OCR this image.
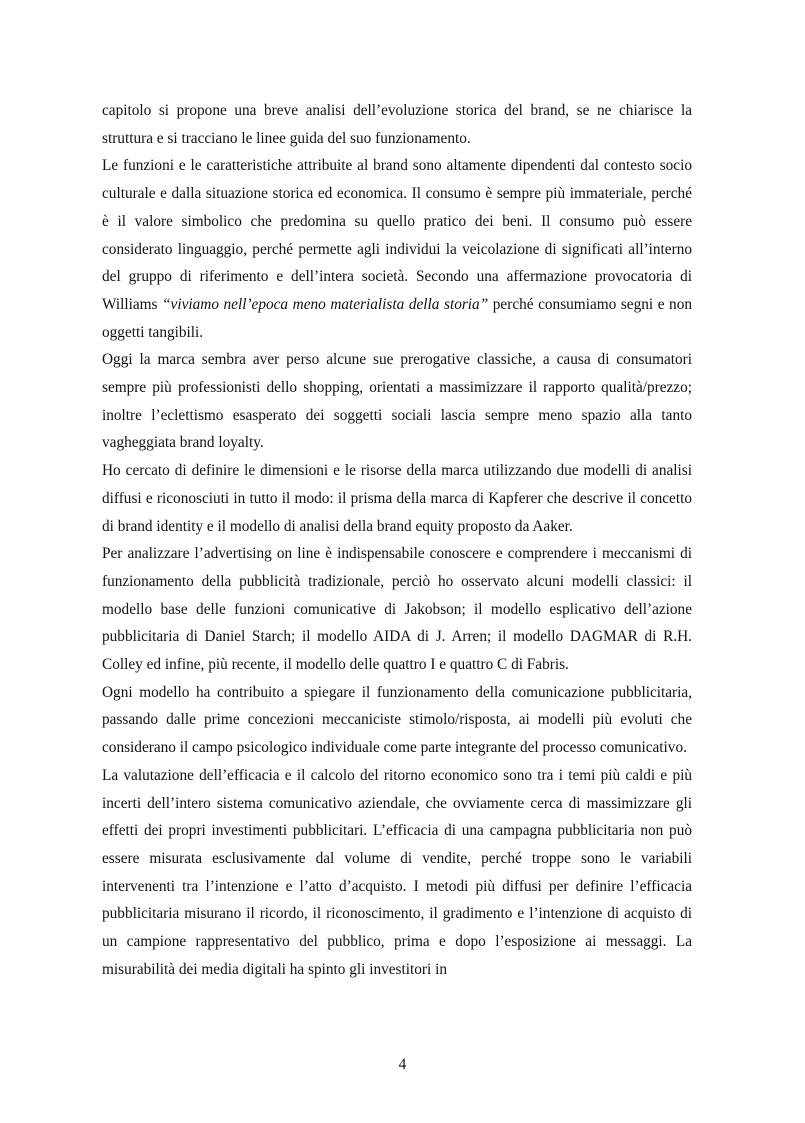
capitolo si propone una breve analisi dell’evoluzione storica del brand, se ne chiarisce la struttura e si tracciano le linee guida del suo funzionamento.

Le funzioni e le caratteristiche attribuite al brand sono altamente dipendenti dal contesto socio culturale e dalla situazione storica ed economica. Il consumo è sempre più immateriale, perché è il valore simbolico che predomina su quello pratico dei beni. Il consumo può essere considerato linguaggio, perché permette agli individui la veicolazione di significati all’interno del gruppo di riferimento e dell’intera società. Secondo una affermazione provocatoria di Williams “viviamo nell’epoca meno materialista della storia” perché consumiamo segni e non oggetti tangibili.

Oggi la marca sembra aver perso alcune sue prerogative classiche, a causa di consumatori sempre più professionisti dello shopping, orientati a massimizzare il rapporto qualità/prezzo; inoltre l’eclettismo esasperato dei soggetti sociali lascia sempre meno spazio alla tanto vagheggiata brand loyalty.

Ho cercato di definire le dimensioni e le risorse della marca utilizzando due modelli di analisi diffusi e riconosciuti in tutto il modo: il prisma della marca di Kapferer che descrive il concetto di brand identity e il modello di analisi della brand equity proposto da Aaker.

Per analizzare l’advertising on line è indispensabile conoscere e comprendere i meccanismi di funzionamento della pubblicità tradizionale, perciò ho osservato alcuni modelli classici: il modello base delle funzioni comunicative di Jakobson; il modello esplicativo dell’azione pubblicitaria di Daniel Starch; il modello AIDA di J. Arren; il modello DAGMAR di R.H. Colley ed infine, più recente, il modello delle quattro I e quattro C di Fabris.

Ogni modello ha contribuito a spiegare il funzionamento della comunicazione pubblicitaria, passando dalle prime concezioni meccaniciste stimolo/risposta, ai modelli più evoluti che considerano il campo psicologico individuale come parte integrante del processo comunicativo.

La valutazione dell’efficacia e il calcolo del ritorno economico sono tra i temi più caldi e più incerti dell’intero sistema comunicativo aziendale, che ovviamente cerca di massimizzare gli effetti dei propri investimenti pubblicitari. L’efficacia di una campagna pubblicitaria non può essere misurata esclusivamente dal volume di vendite, perché troppe sono le variabili intervenenti tra l’intenzione e l’atto d’acquisto. I metodi più diffusi per definire l’efficacia pubblicitaria misurano il ricordo, il riconoscimento, il gradimento e l’intenzione di acquisto di un campione rappresentativo del pubblico, prima e dopo l’esposizione ai messaggi. La misurabilità dei media digitali ha spinto gli investitori in

4
